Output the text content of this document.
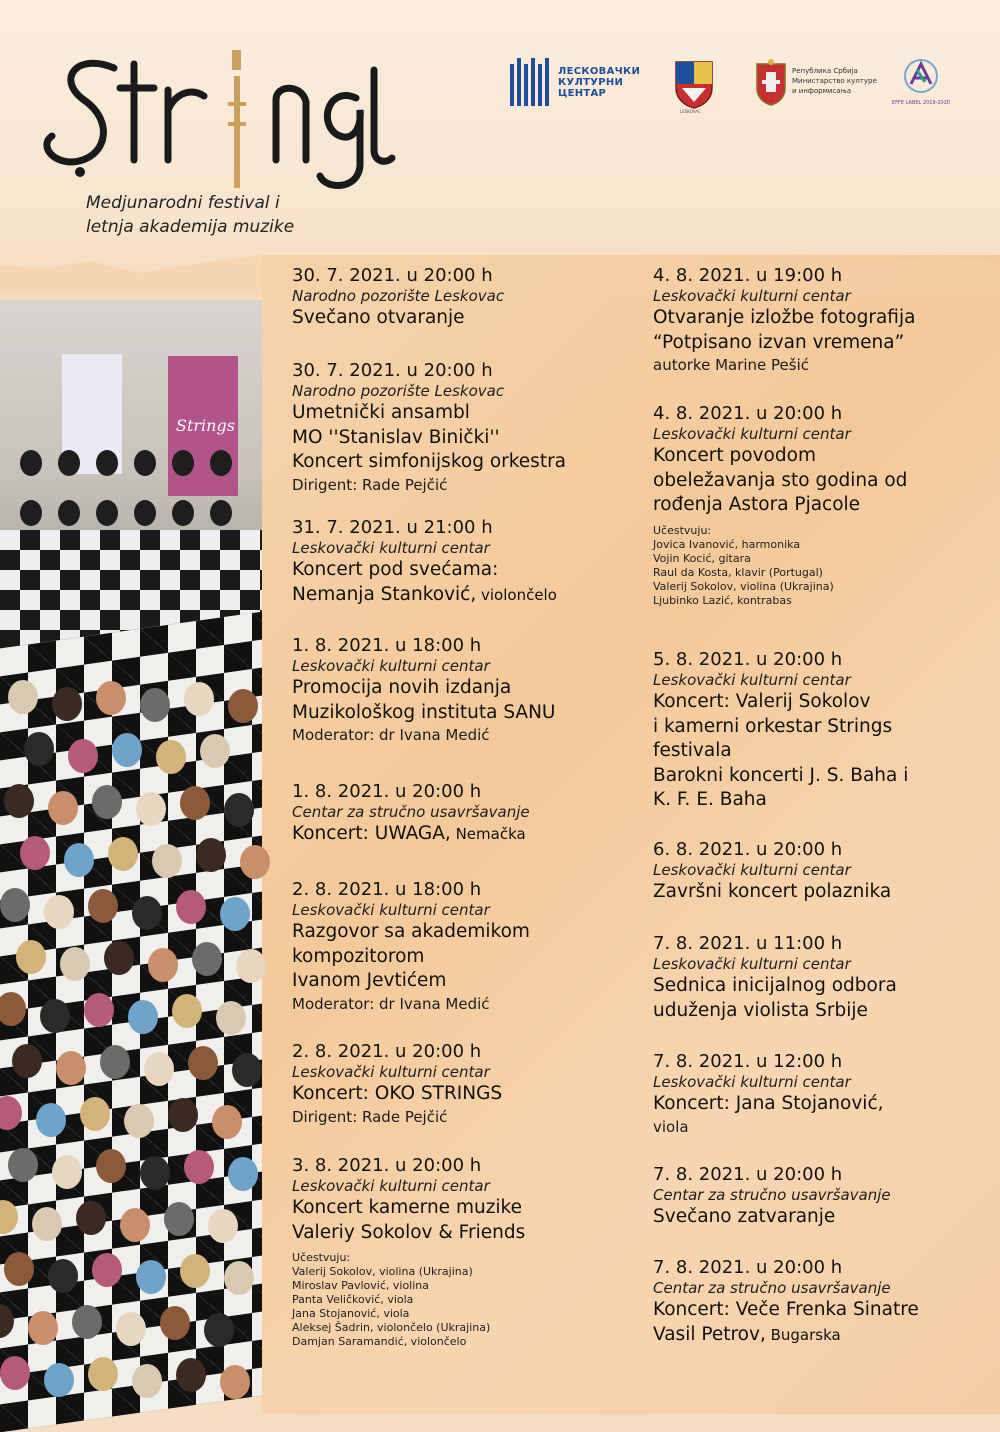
Medjunarodni festival i
letnja akademija muzike
ЛЕСКОВАЧКИ
КУЛТУРНИ
ЦЕНТАР
LESKOVAC
Република Србија
Министарство културе
и информисања
EFFE LABEL 2019-2020
Strings
30. 7. 2021. u 20:00 h
Narodno pozorište Leskovac
Svečano otvaranje
30. 7. 2021. u 20:00 h
Narodno pozorište Leskovac
Umetnički ansambl
MO ''Stanislav Binički''
Koncert simfonijskog orkestra
Dirigent: Rade Pejčić
31. 7. 2021. u 21:00 h
Leskovački kulturni centar
Koncert pod svećama:
Nemanja Stanković, violončelo
1. 8. 2021. u 18:00 h
Leskovački kulturni centar
Promocija novih izdanja
Muzikološkog instituta SANU
Moderator: dr Ivana Medić
1. 8. 2021. u 20:00 h
Centar za stručno usavršavanje
Koncert: UWAGA, Nemačka
2. 8. 2021. u 18:00 h
Leskovački kulturni centar
Razgovor sa akademikom
kompozitorom
Ivanom Jevtićem
Moderator: dr Ivana Medić
2. 8. 2021. u 20:00 h
Leskovački kulturni centar
Koncert: OKO STRINGS
Dirigent: Rade Pejčić
3. 8. 2021. u 20:00 h
Leskovački kulturni centar
Koncert kamerne muzike
Valeriy Sokolov & Friends
Učestvuju:
Valerij Sokolov, violina (Ukrajina)
Miroslav Pavlović, violina
Panta Veličković, viola
Jana Stojanović, viola
Aleksej Šadrin, violončelo (Ukrajina)
Damjan Saramandić, violončelo
4. 8. 2021. u 19:00 h
Leskovački kulturni centar
Otvaranje izložbe fotografija
“Potpisano izvan vremena”
autorke Marine Pešić
4. 8. 2021. u 20:00 h
Leskovački kulturni centar
Koncert povodom
obeležavanja sto godina od
rođenja Astora Pjacole
Učestvuju:
Jovica Ivanović, harmonika
Vojin Kocić, gitara
Raul da Kosta, klavir (Portugal)
Valerij Sokolov, violina (Ukrajina)
Ljubinko Lazić, kontrabas
5. 8. 2021. u 20:00 h
Leskovački kulturni centar
Koncert: Valerij Sokolov
i kamerni orkestar Strings
festivala
Barokni koncerti J. S. Baha i
K. F. E. Baha
6. 8. 2021. u 20:00 h
Leskovački kulturni centar
Završni koncert polaznika
7. 8. 2021. u 11:00 h
Leskovački kulturni centar
Sednica inicijalnog odbora
uduženja violista Srbije
7. 8. 2021. u 12:00 h
Leskovački kulturni centar
Koncert: Jana Stojanović,
viola
7. 8. 2021. u 20:00 h
Centar za stručno usavršavanje
Svečano zatvaranje
7. 8. 2021. u 20:00 h
Centar za stručno usavršavanje
Koncert: Veče Frenka Sinatre
Vasil Petrov, Bugarska
